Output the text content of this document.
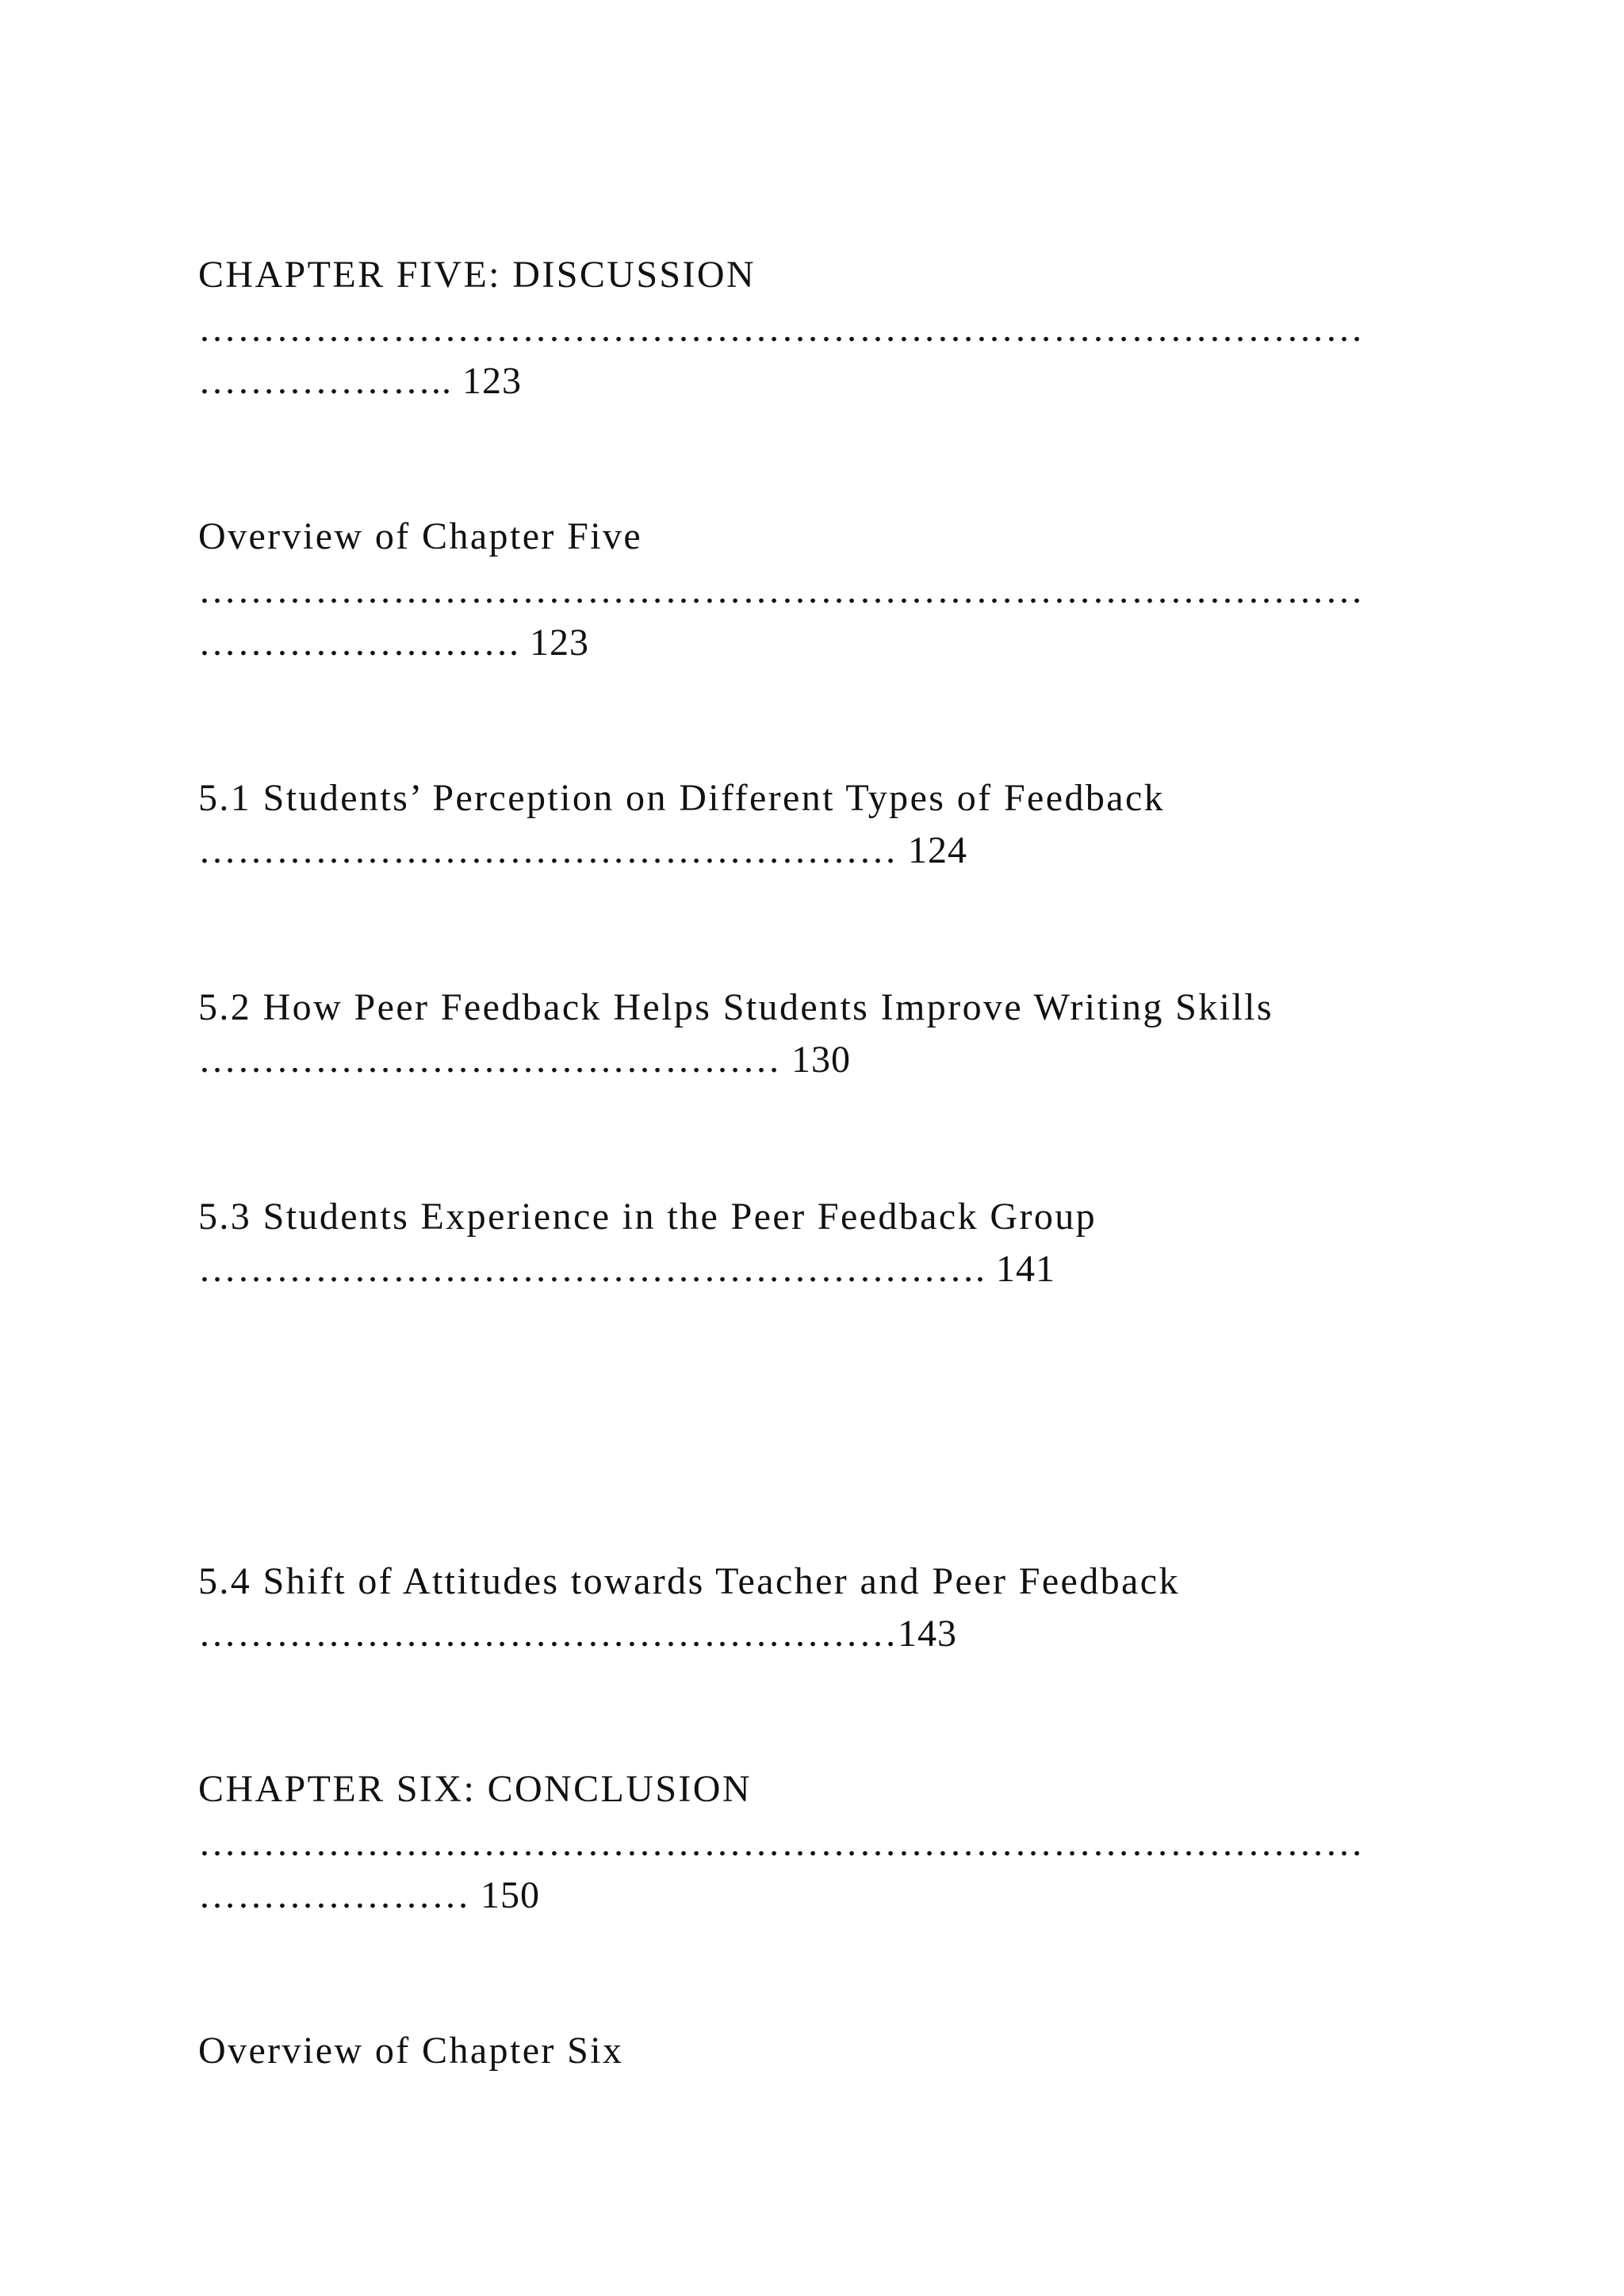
CHAPTER FIVE: DISCUSSION
………………………………………………………………………………
……………….. 123
Overview of Chapter Five
………………………………………………………………………………
……………………. 123
5.1 Students’ Perception on Different Types of Feedback
……………………………………………… 124
5.2 How Peer Feedback Helps Students Improve Writing Skills
……………………………………… 130
5.3 Students Experience in the Peer Feedback Group
……………………………………………………. 141
5.4 Shift of Attitudes towards Teacher and Peer Feedback
………………………………………………143
CHAPTER SIX: CONCLUSION
………………………………………………………………………………
………………… 150
Overview of Chapter Six
